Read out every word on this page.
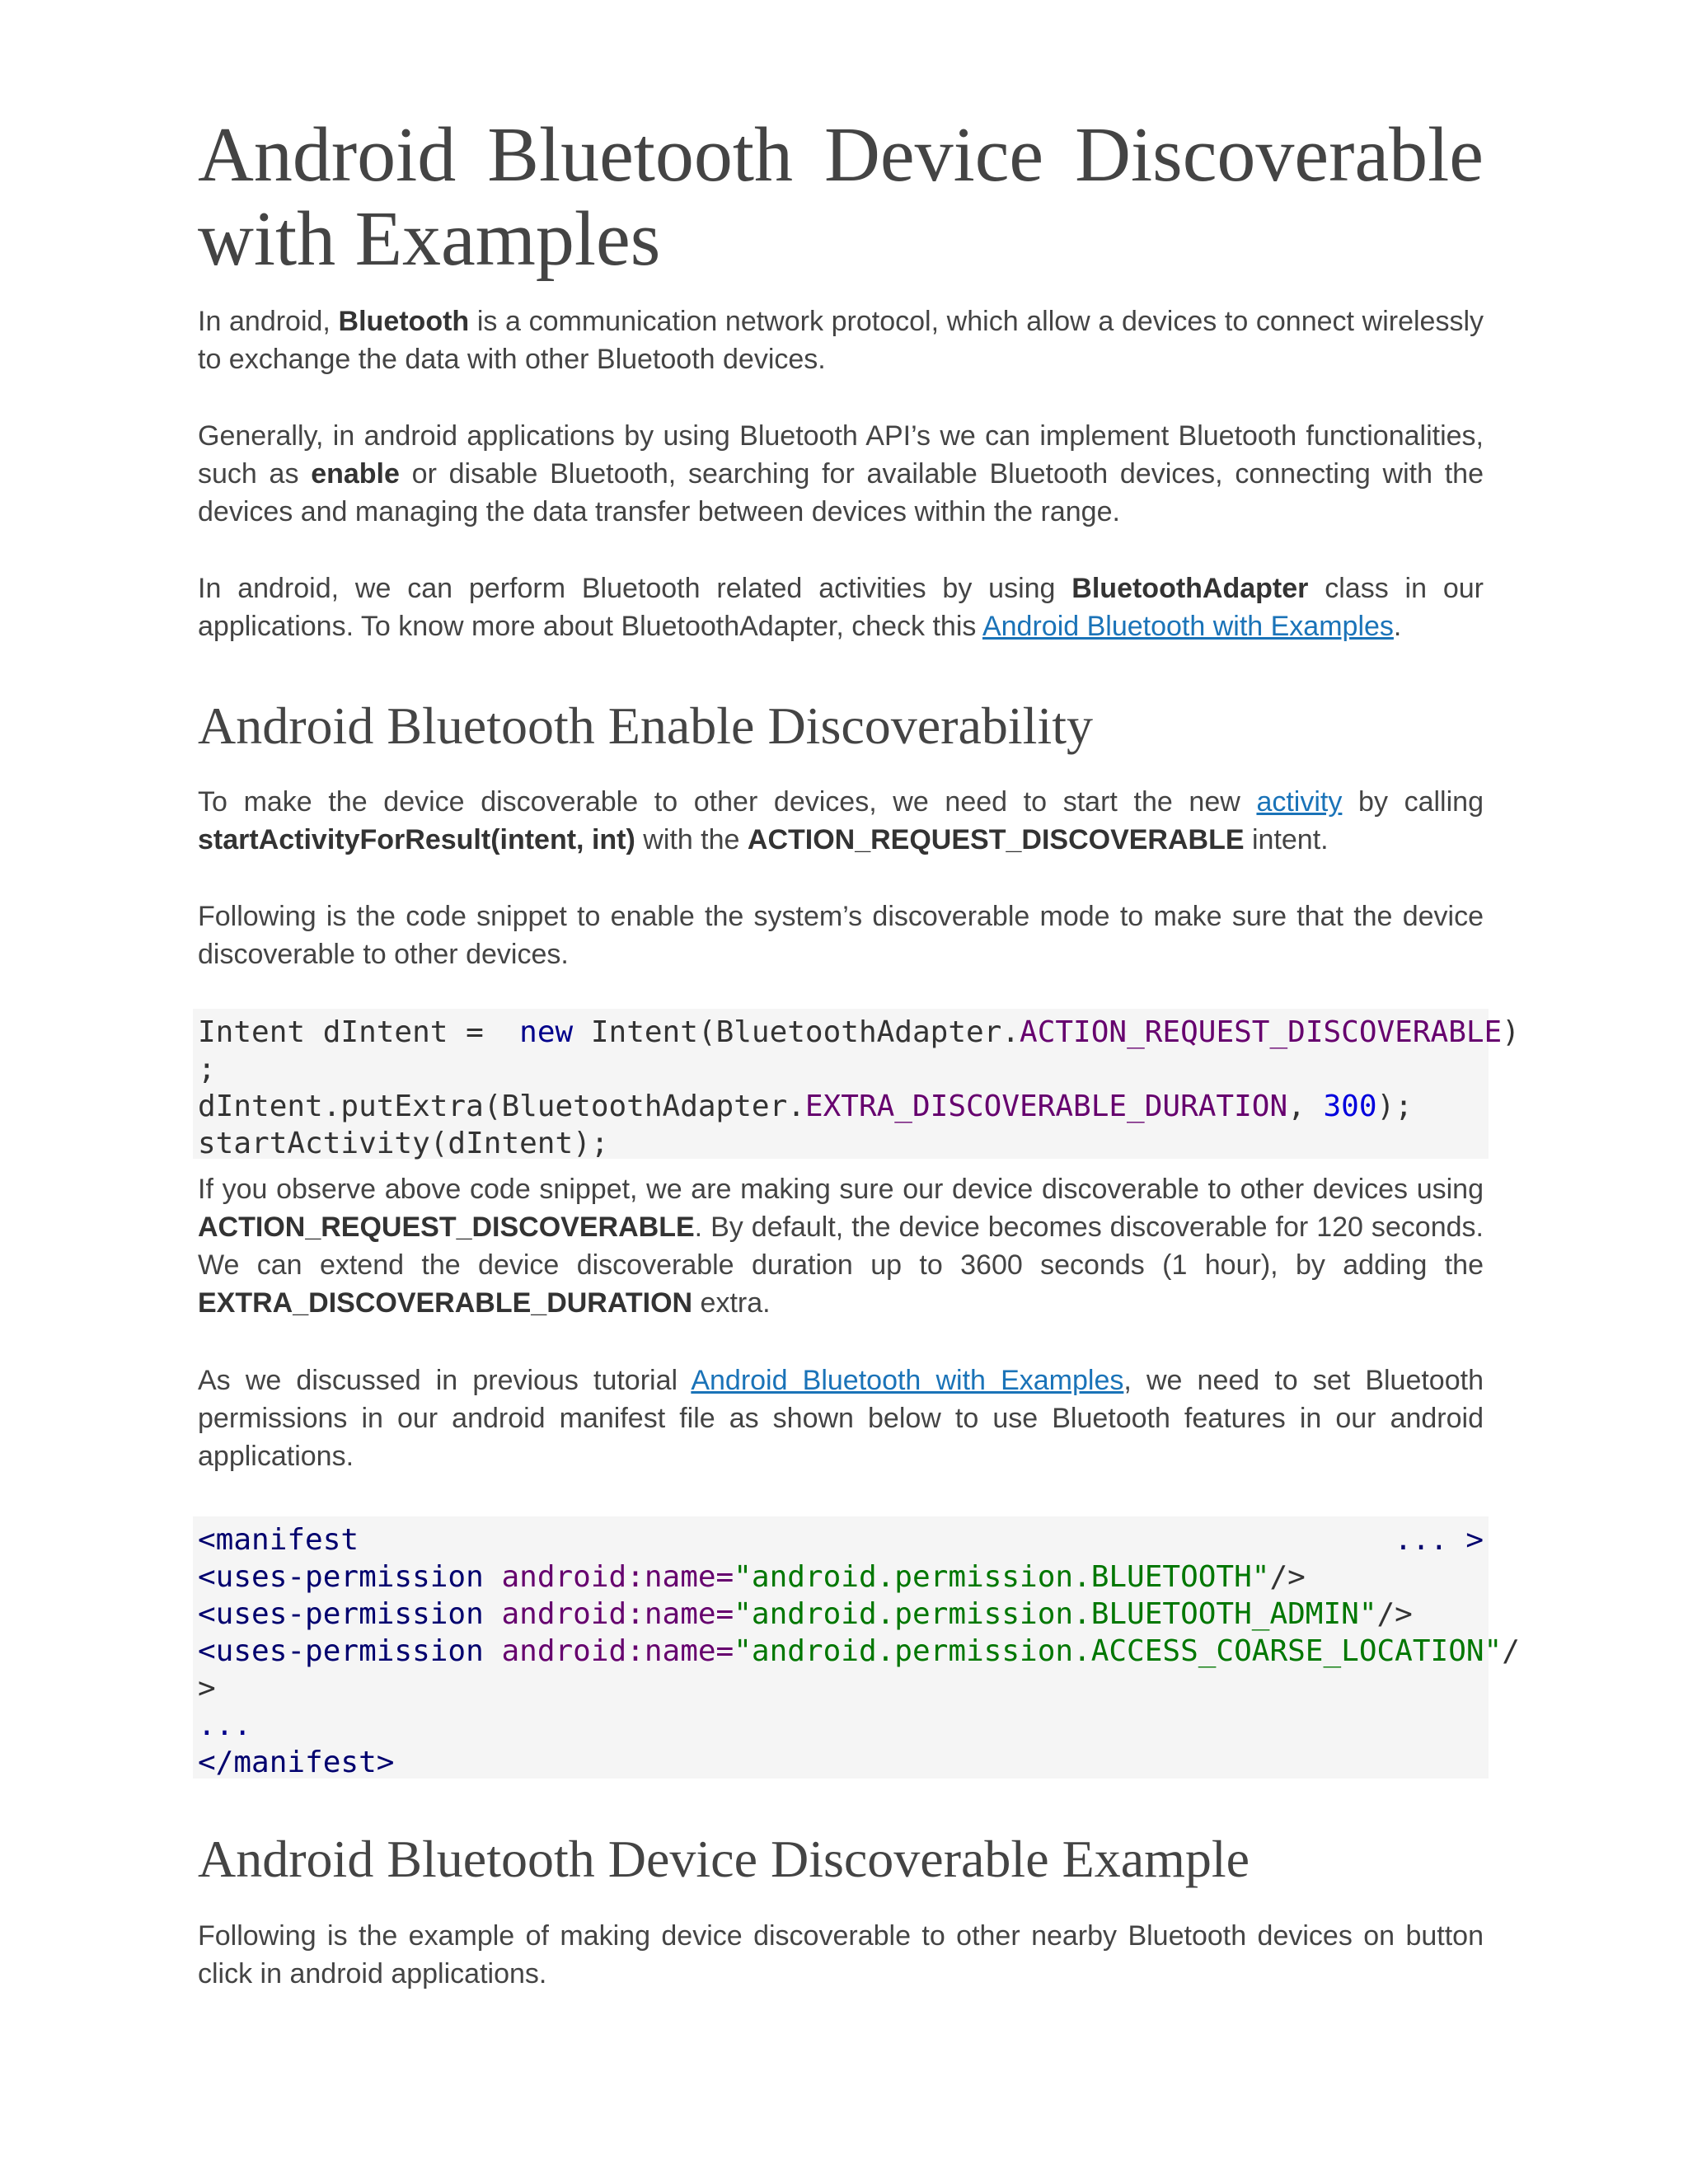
Android Bluetooth Device Discoverable
with Examples

In android, Bluetooth is a communication network protocol, which allow a devices to connect wirelessly to exchange the data with other Bluetooth devices.

Generally, in android applications by using Bluetooth API’s we can implement Bluetooth functionalities, such as enable or disable Bluetooth, searching for available Bluetooth devices, connecting with the devices and managing the data transfer between devices within the range.

In android, we can perform Bluetooth related activities by using BluetoothAdapter class in our applications. To know more about BluetoothAdapter, check this Android Bluetooth with Examples.

Android Bluetooth Enable Discoverability

To make the device discoverable to other devices, we need to start the new activity by calling startActivityForResult(intent, int) with the ACTION_REQUEST_DISCOVERABLE intent.

Following is the code snippet to enable the system’s discoverable mode to make sure that the device discoverable to other devices.

Intent dIntent =  new Intent(BluetoothAdapter.ACTION_REQUEST_DISCOVERABLE)
;
dIntent.putExtra(BluetoothAdapter.EXTRA_DISCOVERABLE_DURATION, 300);
startActivity(dIntent);

If you observe above code snippet, we are making sure our device discoverable to other devices using ACTION_REQUEST_DISCOVERABLE. By default, the device becomes discoverable for 120 seconds. We can extend the device discoverable duration up to 3600 seconds (1 hour), by adding the EXTRA_DISCOVERABLE_DURATION extra.

As we discussed in previous tutorial Android Bluetooth with Examples, we need to set Bluetooth permissions in our android manifest file as shown below to use Bluetooth features in our android applications.

<manifest	... >
<uses-permission android:name="android.permission.BLUETOOTH"/>
<uses-permission android:name="android.permission.BLUETOOTH_ADMIN"/>
<uses-permission android:name="android.permission.ACCESS_COARSE_LOCATION"/
>
...
</manifest>
Android Bluetooth Device Discoverable Example

Following is the example of making device discoverable to other nearby Bluetooth devices on button click in android applications.
